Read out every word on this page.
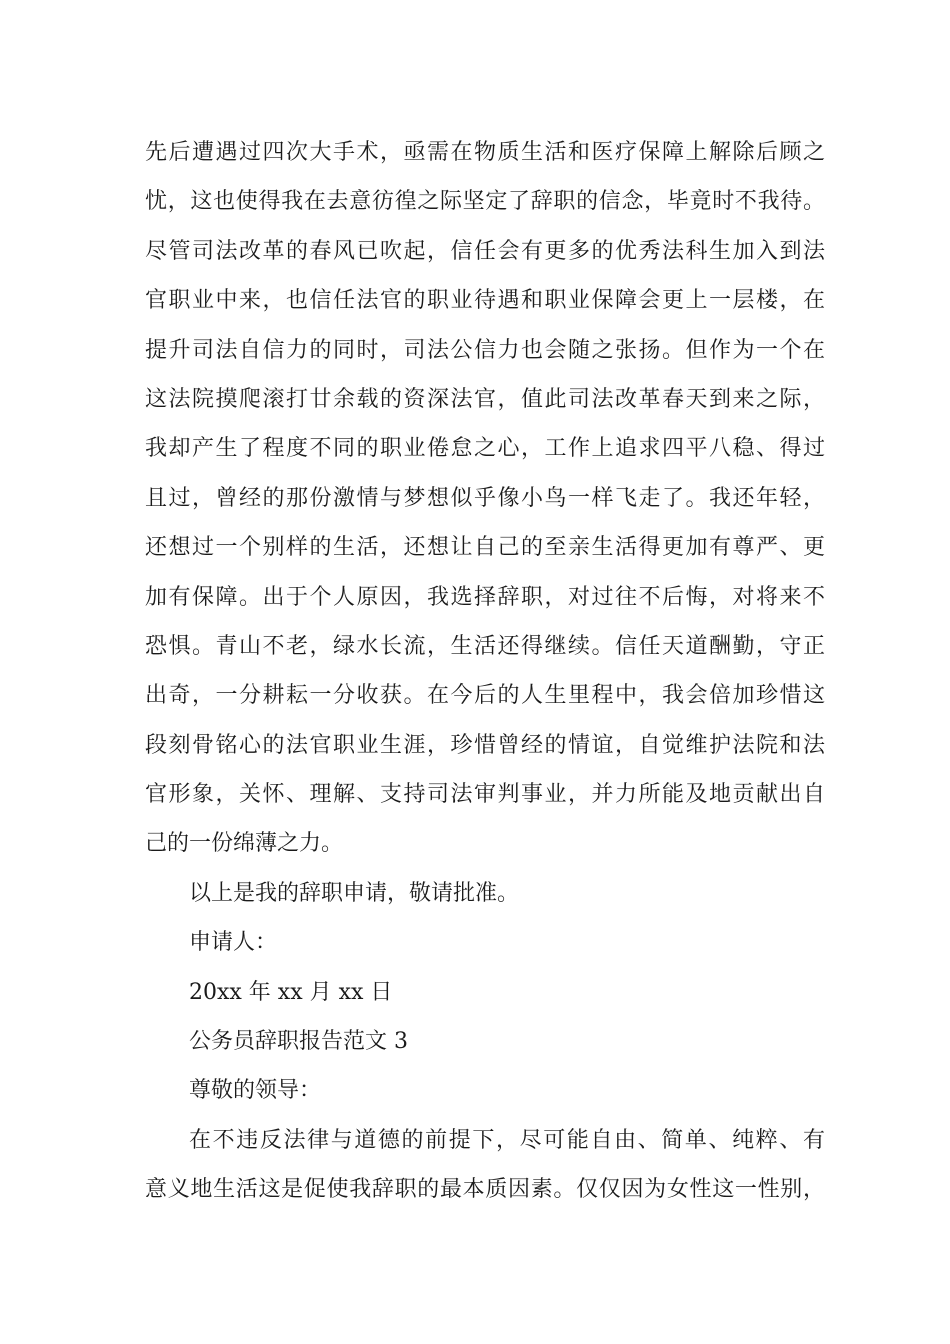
先后遭遇过四次大手术，亟需在物质生活和医疗保障上解除后顾之
忧，这也使得我在去意彷徨之际坚定了辞职的信念，毕竟时不我待。
尽管司法改革的春风已吹起，信任会有更多的优秀法科生加入到法
官职业中来，也信任法官的职业待遇和职业保障会更上一层楼，在
提升司法自信力的同时，司法公信力也会随之张扬。但作为一个在
这法院摸爬滚打廿余载的资深法官，值此司法改革春天到来之际，
我却产生了程度不同的职业倦怠之心，工作上追求四平八稳、得过
且过，曾经的那份激情与梦想似乎像小鸟一样飞走了。我还年轻，
还想过一个别样的生活，还想让自己的至亲生活得更加有尊严、更
加有保障。出于个人原因，我选择辞职，对过往不后悔，对将来不
恐惧。青山不老，绿水长流，生活还得继续。信任天道酬勤，守正
出奇，一分耕耘一分收获。在今后的人生里程中，我会倍加珍惜这
段刻骨铭心的法官职业生涯，珍惜曾经的情谊，自觉维护法院和法
官形象，关怀、理解、支持司法审判事业，并力所能及地贡献出自
己的一份绵薄之力。
以上是我的辞职申请，敬请批准。
申请人：
20xx 年 xx 月 xx 日
公务员辞职报告范文 3
尊敬的领导：
在不违反法律与道德的前提下，尽可能自由、简单、纯粹、有
意义地生活这是促使我辞职的最本质因素。仅仅因为女性这一性别，
